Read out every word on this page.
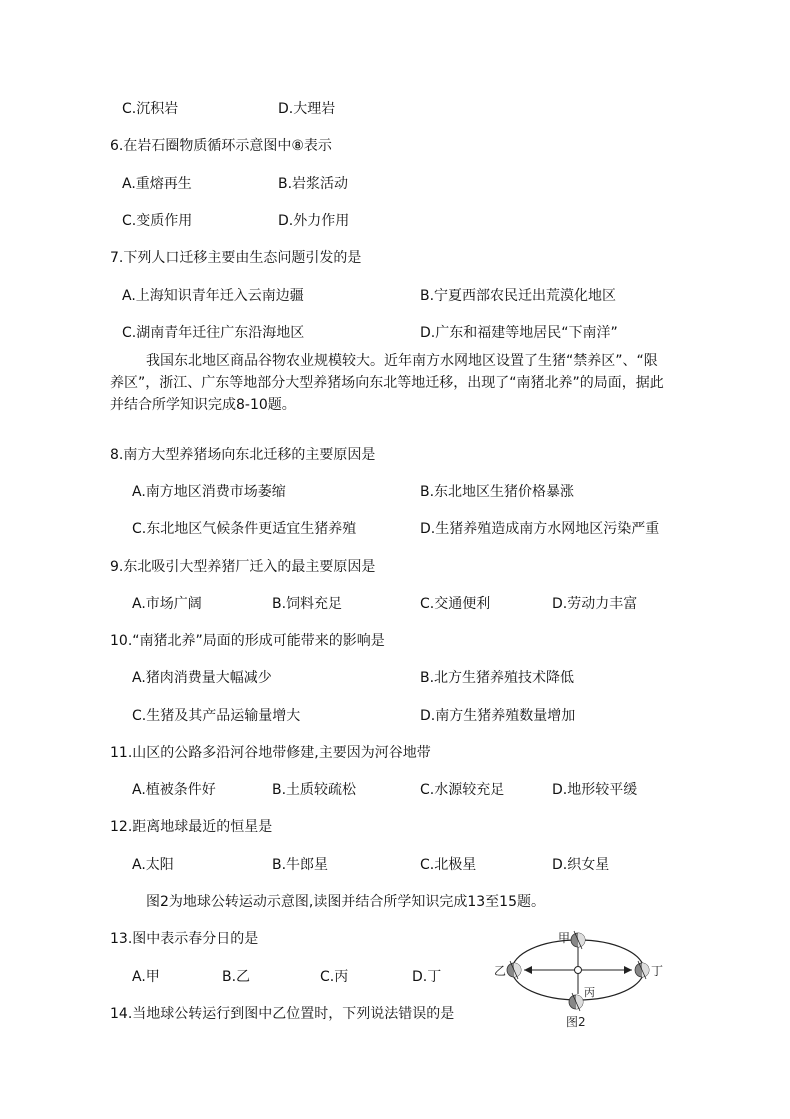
C.沉积岩	D.大理岩
6.在岩石圈物质循环示意图中⑧表示
A.重熔再生	B.岩浆活动
C.变质作用	D.外力作用
7.下列人口迁移主要由生态问题引发的是
A.上海知识青年迁入云南边疆	B.宁夏西部农民迁出荒漠化地区
C.湖南青年迁往广东沿海地区	D.广东和福建等地居民“下南洋”
我国东北地区商品谷物农业规模较大。近年南方水网地区设置了生猪“禁养区”、“限养区”，浙江、广东等地部分大型养猪场向东北等地迁移，出现了“南猪北养”的局面，据此并结合所学知识完成8-10题。
8.南方大型养猪场向东北迁移的主要原因是
A.南方地区消费市场萎缩	B.东北地区生猪价格暴涨
C.东北地区气候条件更适宜生猪养殖	D.生猪养殖造成南方水网地区污染严重
9.东北吸引大型养猪厂迁入的最主要原因是
A.市场广阔	B.饲料充足	C.交通便利	D.劳动力丰富
10.“南猪北养”局面的形成可能带来的影响是
A.猪肉消费量大幅减少	B.北方生猪养殖技术降低
C.生猪及其产品运输量增大	D.南方生猪养殖数量增加
11.山区的公路多沿河谷地带修建,主要因为河谷地带
A.植被条件好	B.土质较疏松	C.水源较充足	D.地形较平缓
12.距离地球最近的恒星是
A.太阳	B.牛郎星	C.北极星	D.织女星
图2为地球公转运动示意图,读图并结合所学知识完成13至15题。
13.图中表示春分日的是
A.甲	B.乙	C.丙	D.丁
14.当地球公转运行到图中乙位置时，下列说法错误的是
甲
乙
丙
丁
图2
